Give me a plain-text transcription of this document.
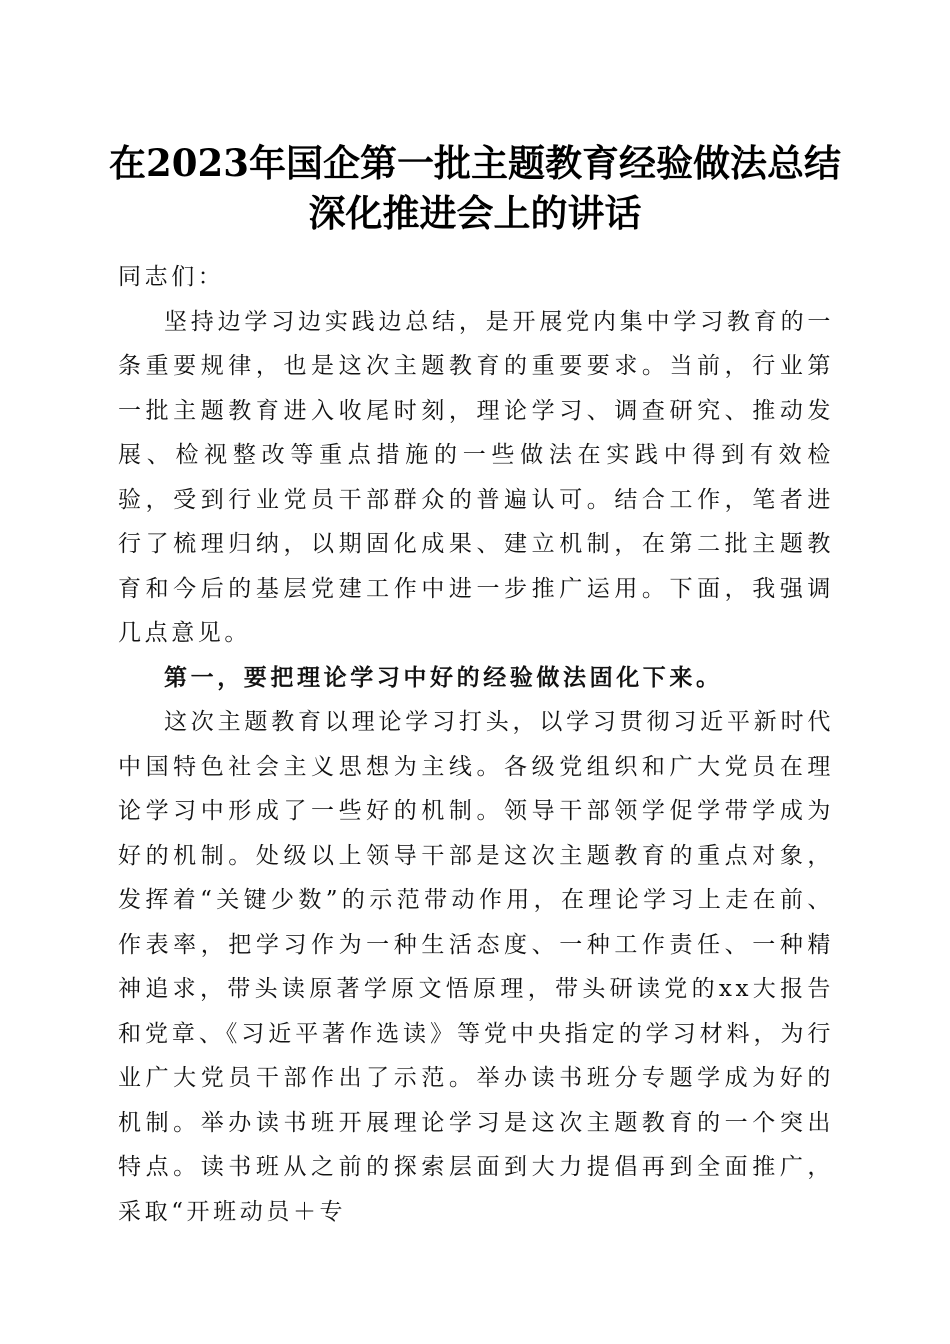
在2023年国企第一批主题教育经验做法总结
深化推进会上的讲话

同志们：

坚持边学习边实践边总结，是开展党内集中学习教育的一条重要规律，也是这次主题教育的重要要求。当前，行业第一批主题教育进入收尾时刻，理论学习、调查研究、推动发展、检视整改等重点措施的一些做法在实践中得到有效检验，受到行业党员干部群众的普遍认可。结合工作，笔者进行了梳理归纳，以期固化成果、建立机制，在第二批主题教育和今后的基层党建工作中进一步推广运用。下面，我强调几点意见。

第一，要把理论学习中好的经验做法固化下来。

这次主题教育以理论学习打头，以学习贯彻习近平新时代中国特色社会主义思想为主线。各级党组织和广大党员在理论学习中形成了一些好的机制。领导干部领学促学带学成为好的机制。处级以上领导干部是这次主题教育的重点对象，发挥着“关键少数”的示范带动作用，在理论学习上走在前、作表率，把学习作为一种生活态度、一种工作责任、一种精神追求，带头读原著学原文悟原理，带头研读党的xx大报告和党章、《习近平著作选读》等党中央指定的学习材料，为行业广大党员干部作出了示范。举办读书班分专题学成为好的机制。举办读书班开展理论学习是这次主题教育的一个突出特点。读书班从之前的探索层面到大力提倡再到全面推广，采取“开班动员＋专
